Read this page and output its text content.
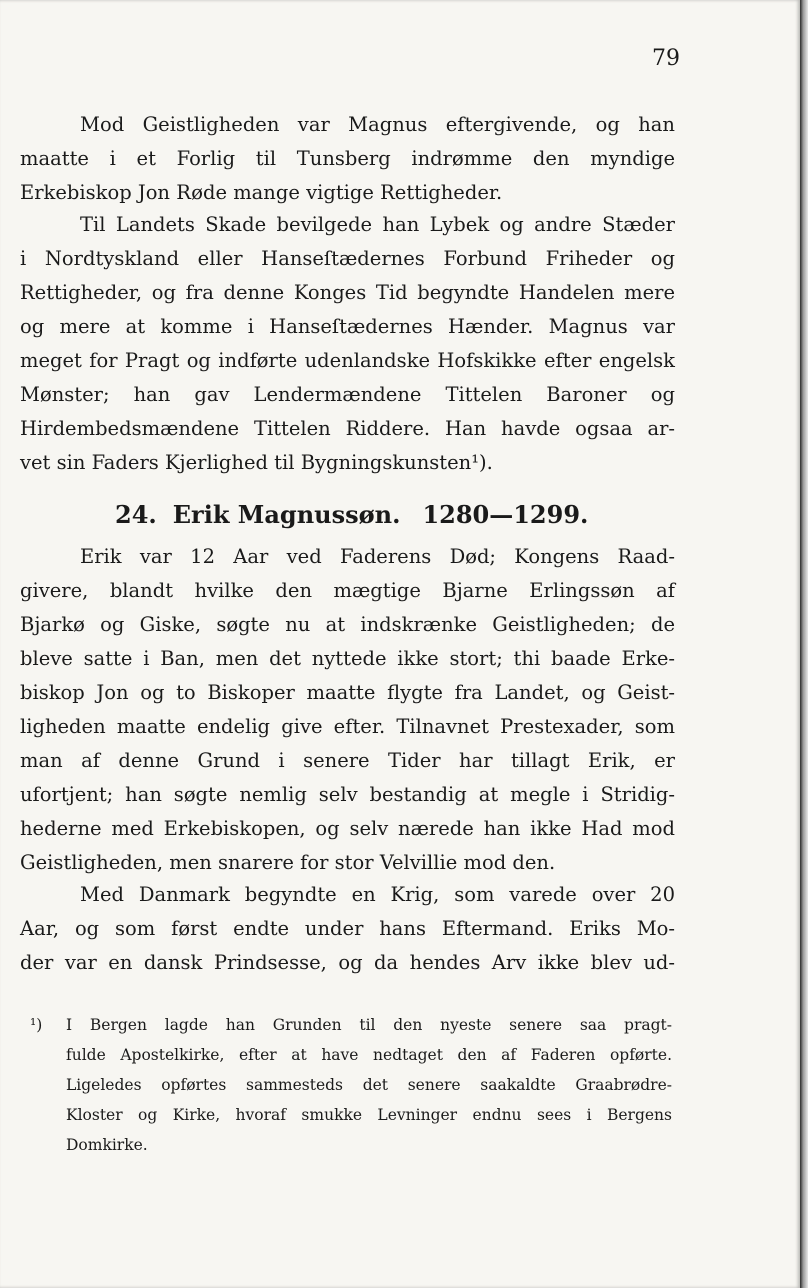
79
Mod Geistligheden var Magnus eftergivende, og han
maatte i et Forlig til Tunsberg indrømme den myndige
Erkebiskop Jon Røde mange vigtige Rettigheder.
Til Landets Skade bevilgede han Lybek og andre Stæder
i Nordtyskland eller Hanseſtædernes Forbund Friheder og
Rettigheder, og fra denne Konges Tid begyndte Handelen mere
og mere at komme i Hanseſtædernes Hænder. Magnus var
meget for Pragt og indførte udenlandske Hofskikke efter engelsk
Mønster; han gav Lendermændene Tittelen Baroner og
Hirdembedsmændene Tittelen Riddere. Han havde ogsaa ar-
vet sin Faders Kjerlighed til Bygningskunsten¹).
24. Erik Magnussøn. 1280—1299.
Erik var 12 Aar ved Faderens Død; Kongens Raad-
givere, blandt hvilke den mægtige Bjarne Erlingssøn af
Bjarkø og Giske, søgte nu at indskrænke Geistligheden; de
bleve satte i Ban, men det nyttede ikke stort; thi baade Erke-
biskop Jon og to Biskoper maatte flygte fra Landet, og Geist-
ligheden maatte endelig give efter. Tilnavnet Presteхader, som
man af denne Grund i senere Tider har tillagt Erik, er
ufortjent; han søgte nemlig selv bestandig at megle i Stridig-
hederne med Erkebiskopen, og selv nærede han ikke Had mod
Geistligheden, men snarere for stor Velvillie mod den.
Med Danmark begyndte en Krig, som varede over 20
Aar, og som først endte under hans Eftermand. Eriks Mo-
der var en dansk Prindsesse, og da hendes Arv ikke blev ud-
¹) I Bergen lagde han Grunden til den nyeste senere saa pragt-
fulde Apostelkirke, efter at have nedtaget den af Faderen opførte.
Ligeledes opførtes sammesteds det senere saakaldte Graabrødre-
Kloster og Kirke, hvoraf smukke Levninger endnu sees i Bergens
Domkirke.
